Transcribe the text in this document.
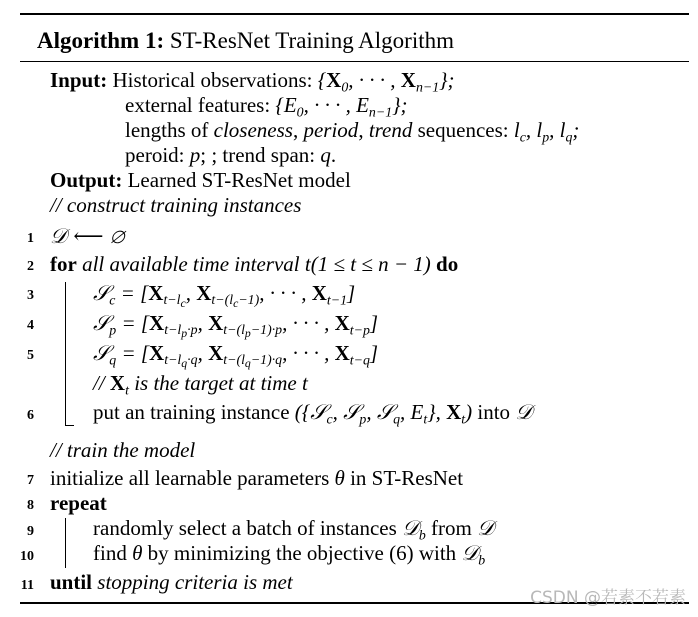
Algorithm 1: ST-ResNet Training Algorithm
Input: Historical observations: {$X_0$, · · · , $X_{n-1}$};
external features: {$E_0$, · · · , $E_{n-1}$};
lengths of closeness, period, trend sequences: $l_c$, $l_p$, $l_q$;
peroid: p; ; trend span: q.
Output: Learned ST-ResNet model
// construct training instances
1 𝒟 ⟵ ∅
2 for all available time interval t(1 ≤ t ≤ n − 1) do
3	𝒮$_c$ = [$X_{t-l_c}$, $X_{t-(l_c-1)}$, · · · , $X_{t-1}$]
4	𝒮$_p$ = [$X_{t-l_p\cdot p}$, $X_{t-(l_p-1)\cdot p}$, · · · , $X_{t-p}$]
5	𝒮$_q$ = [$X_{t-l_q\cdot q}$, $X_{t-(l_q-1)\cdot q}$, · · · , $X_{t-q}$]
// $X_t$ is the target at time t
6	put an training instance ({𝒮$_c$, 𝒮$_p$, 𝒮$_q$, $E_t$}, $X_t$) into 𝒟
// train the model
7 initialize all learnable parameters θ in ST-ResNet
8 repeat
9	randomly select a batch of instances 𝒟$_b$ from 𝒟
10	find θ by minimizing the objective (6) with 𝒟$_b$
11 until stopping criteria is met
CSDN @若素不若素
